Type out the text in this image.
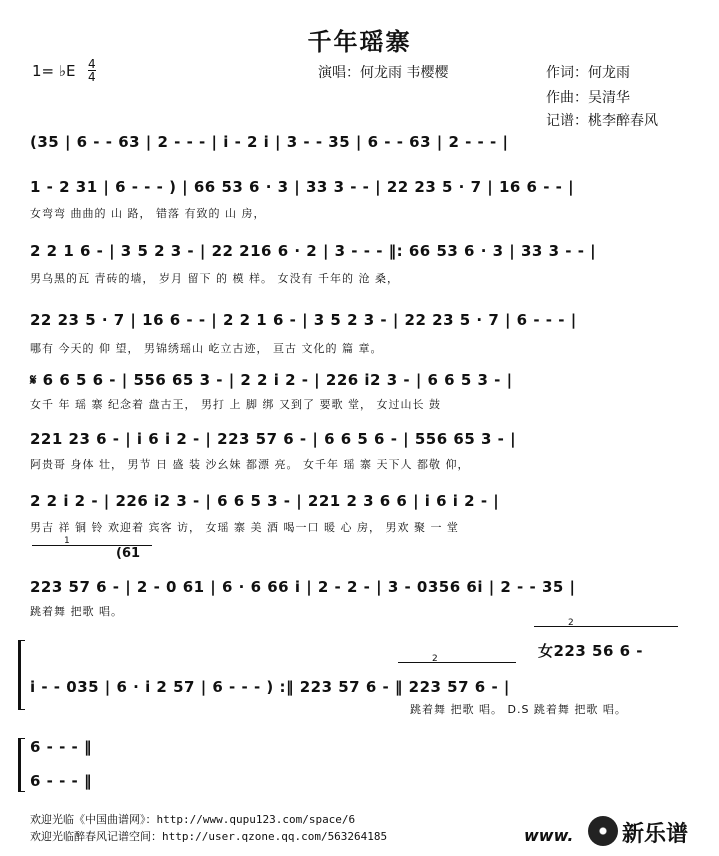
千年瑶寨
1= ♭E $\frac{4}{4}$	演唱：何龙雨 韦樱樱	作词：何龙雨
作曲：吴清华
记谱：桃李醉春风
(35 | 6 - - 63 | 2 - - - | i - 2 i | 3 - - 35 | 6 - - 63 | 2 - - - |
1 - 2 31 | 6 - - - ) | 66 53 6 · 3 | 33 3 - - | 22 23 5 · 7 | 16 6 - - |
女弯弯 曲曲的 山 路， 错落 有致的 山 房，
2 2 1 6 - | 3 5 2 3 - | 22 216 6 · 2 | 3 - - - ‖: 66 53 6 · 3 | 33 3 - - |
男乌黑的瓦 青砖的墙， 岁月 留下 的 模 样。 女没有 千年的 沧 桑，
22 23 5 · 7 | 16 6 - - | 2 2 1 6 - | 3 5 2 3 - | 22 23 5 · 7 | 6 - - - |
哪有 今天的 仰 望， 男锦绣瑶山 屹立古迹， 亘古 文化的 篇 章。
𝄋 6 6 5 6 - | 556 65 3 - | 2 2 i 2 - | 226 i2 3 - | 6 6 5 3 - |
女千 年 瑶 寨 纪念着 盘古王， 男打 上 脚 绑 又到了 要歌 堂， 女过山长 鼓
221 23 6 - | i 6 i 2 - | 223 57 6 - | 6 6 5 6 - | 556 65 3 - |
阿贵哥 身体 壮， 男节 日 盛 装 沙幺妹 都漂 亮。 女千年 瑶 寨 天下人 都敬 仰，
2 2 i 2 - | 226 i2 3 - | 6 6 5 3 - | 221 2 3 6 6 | i 6 i 2 - |
男吉 祥 铜 铃 欢迎着 宾客 访， 女瑶 寨 美 酒 喝一口 暖 心 房， 男欢 聚 一 堂
1
(61
223 57 6 - | 2 - 0 61 | 6 · 6 66 i | 2 - 2 - | 3 - 0356 6i | 2 - - 35 |
跳着舞 把歌 唱。
2
女223 56 6 -
2
i - - 035 | 6 · i 2 57 | 6 - - - ) :‖ 223 57 6 - ‖ 223 57 6 - |
跳着舞 把歌 唱。 D.S 跳着舞 把歌 唱。
6 - - - ‖
6 - - - ‖
欢迎光临《中国曲谱网》：http://www.qupu123.com/space/6
欢迎光临醉春风记谱空间：http://user.qzone.qq.com/563264185	www. 新乐谱
